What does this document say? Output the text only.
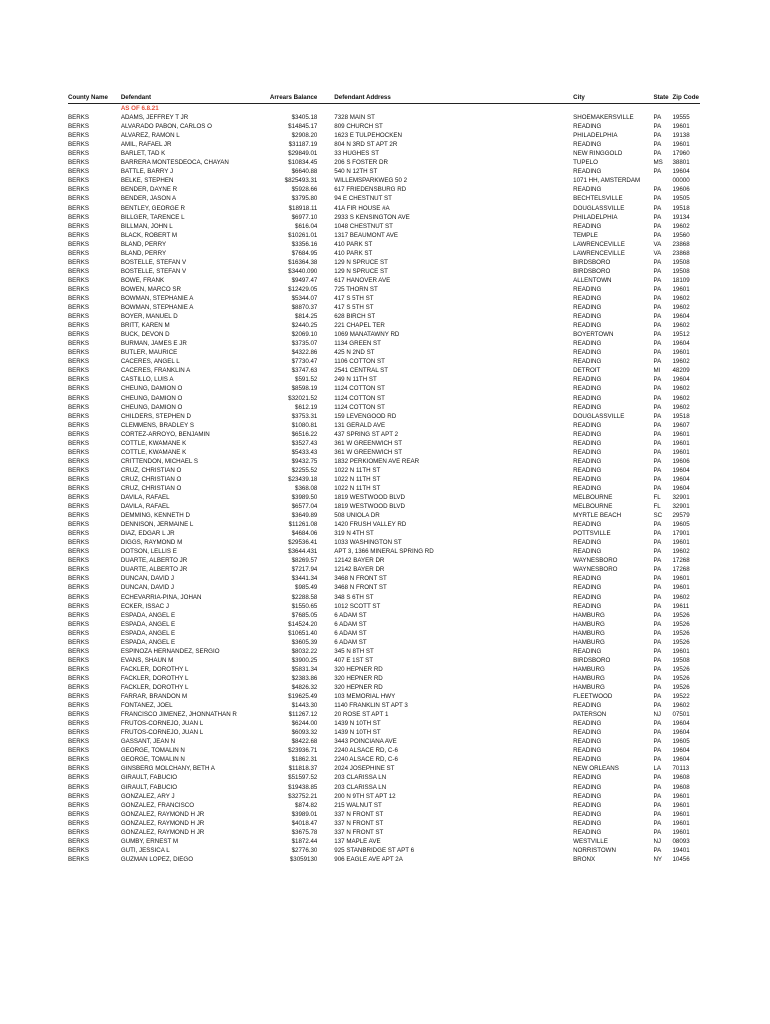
County Name	Defendant	Arrears Balance		Defendant Address	City	State	Zip Code
	AS OF 6.8.21						
BERKS	ADAMS, JEFFREY T JR	$3405.18		7328 MAIN ST	SHOEMAKERSVILLE	PA	19555
BERKS	ALVARADO PABON, CARLOS O	$14845.17		809 CHURCH ST	READING	PA	19601
BERKS	ALVAREZ, RAMON L	$2908.20		1623 E TULPEHOCKEN	PHILADELPHIA	PA	19138
BERKS	AMIL, RAFAEL JR	$31187.19		804 N 3RD ST APT 2R	READING	PA	19601
BERKS	BARLET, TAD K	$29849.01		33 HUGHES ST	NEW RINGGOLD	PA	17960
BERKS	BARRERA MONTESDEOCA, CHAYAN	$10834.45		206 S FOSTER DR	TUPELO	MS	38801
BERKS	BATTLE, BARRY J	$6640.88		540 N 12TH ST	READING	PA	19604
BERKS	BELKE, STEPHEN	$825493.31		WILLEMSPARKWEG 50 2	1071 HH, AMSTERDAM		00000
BERKS	BENDER, DAYNE R	$5928.66		617 FRIEDENSBURG RD	READING	PA	19606
BERKS	BENDER, JASON A	$3795.80		94 E CHESTNUT ST	BECHTELSVILLE	PA	19505
BERKS	BENTLEY, GEORGE R	$18918.11		41A FIR HOUSE #A	DOUGLASSVILLE	PA	19518
BERKS	BILLGER, TARENCE L	$6977.10		2933 S KENSINGTON AVE	PHILADELPHIA	PA	19134
BERKS	BILLMAN, JOHN L	$616.04		1048 CHESTNUT ST	READING	PA	19602
BERKS	BLACK, ROBERT M	$10261.01		1317 BEAUMONT AVE	TEMPLE	PA	19560
BERKS	BLAND, PERRY	$3356.16		410 PARK ST	LAWRENCEVILLE	VA	23868
BERKS	BLAND, PERRY	$7684.95		410 PARK ST	LAWRENCEVILLE	VA	23868
BERKS	BOSTELLE, STEFAN V	$16364.38		129 N SPRUCE ST	BIRDSBORO	PA	19508
BERKS	BOSTELLE, STEFAN V	$3440.090		129 N SPRUCE ST	BIRDSBORO	PA	19508
BERKS	BOWE, FRANK	$9497.47		617 HANOVER AVE	ALLENTOWN	PA	18109
BERKS	BOWEN, MARCO SR	$12429.05		725 THORN ST	READING	PA	19601
BERKS	BOWMAN, STEPHANIE A	$5344.07		417 S 5TH ST	READING	PA	19602
BERKS	BOWMAN, STEPHANIE A	$8870.37		417 S 5TH ST	READING	PA	19602
BERKS	BOYER, MANUEL D	$814.25		628 BIRCH ST	READING	PA	19604
BERKS	BRITT, KAREN M	$2440.25		221 CHAPEL TER	READING	PA	19602
BERKS	BUCK, DEVON D	$2069.10		1069 MANATAWNY RD	BOYERTOWN	PA	19512
BERKS	BURMAN, JAMES E JR	$3735.07		1134 GREEN ST	READING	PA	19604
BERKS	BUTLER, MAURICE	$4322.86		425 N 2ND ST	READING	PA	19601
BERKS	CACERES, ANGEL L	$7730.47		1106 COTTON ST	READING	PA	19602
BERKS	CACERES, FRANKLIN A	$3747.63		2541 CENTRAL ST	DETROIT	MI	48209
BERKS	CASTILLO, LUIS A	$591.52		249 N 11TH ST	READING	PA	19604
BERKS	CHEUNG, DAMION O	$8598.19		1124 COTTON ST	READING	PA	19602
BERKS	CHEUNG, DAMION O	$32021.52		1124 COTTON ST	READING	PA	19602
BERKS	CHEUNG, DAMION O	$612.19		1124 COTTON ST	READING	PA	19602
BERKS	CHILDERS, STEPHEN D	$3753.31		159 LEVENGOOD RD	DOUGLASSVILLE	PA	19518
BERKS	CLEMMENS, BRADLEY S	$1080.81		131 GERALD AVE	READING	PA	19607
BERKS	CORTEZ-ARROYO, BENJAMIN	$6516.22		437 SPRING ST APT 2	READING	PA	19601
BERKS	COTTLE, KWAMANE K	$3527.43		361 W GREENWICH ST	READING	PA	19601
BERKS	COTTLE, KWAMANE K	$5433.43		361 W GREENWICH ST	READING	PA	19601
BERKS	CRITTENDON, MICHAEL S	$9432.75		1832 PERKIOMEN AVE REAR	READING	PA	19606
BERKS	CRUZ, CHRISTIAN O	$2255.52		1022 N 11TH ST	READING	PA	19604
BERKS	CRUZ, CHRISTIAN O	$23439.18		1022 N 11TH ST	READING	PA	19604
BERKS	CRUZ, CHRISTIAN O	$368.08		1022 N 11TH ST	READING	PA	19604
BERKS	DAVILA, RAFAEL	$3989.50		1819 WESTWOOD BLVD	MELBOURNE	FL	32901
BERKS	DAVILA, RAFAEL	$6577.04		1819 WESTWOOD BLVD	MELBOURNE	FL	32901
BERKS	DEMMING, KENNETH D	$3649.89		508 UNIOLA DR	MYRTLE BEACH	SC	29579
BERKS	DENNISON, JERMAINE L	$11261.08		1420 FRUSH VALLEY RD	READING	PA	19605
BERKS	DIAZ, EDGAR L JR	$4684.06		319 N 4TH ST	POTTSVILLE	PA	17901
BERKS	DIGGS, RAYMOND M	$29536.41		1033 WASHINGTON ST	READING	PA	19601
BERKS	DOTSON, LELLIS E	$3644.431		APT 3, 1366 MINERAL SPRING RD	READING	PA	19602
BERKS	DUARTE, ALBERTO JR	$8269.57		12142 BAYER DR	WAYNESBORO	PA	17268
BERKS	DUARTE, ALBERTO JR	$7217.94		12142 BAYER DR	WAYNESBORO	PA	17268
BERKS	DUNCAN, DAVID J	$3441.34		3468 N FRONT ST	READING	PA	19601
BERKS	DUNCAN, DAVID J	$985.49		3468 N FRONT ST	READING	PA	19601
BERKS	ECHEVARRIA-PINA, JOHAN	$2288.58		348 S 6TH ST	READING	PA	19602
BERKS	ECKER, ISSAC J	$1550.65		1012 SCOTT ST	READING	PA	19611
BERKS	ESPADA, ANGEL E	$7685.05		6 ADAM ST	HAMBURG	PA	19526
BERKS	ESPADA, ANGEL E	$14524.20		6 ADAM ST	HAMBURG	PA	19526
BERKS	ESPADA, ANGEL E	$10651.40		6 ADAM ST	HAMBURG	PA	19526
BERKS	ESPADA, ANGEL E	$3605.39		6 ADAM ST	HAMBURG	PA	19526
BERKS	ESPINOZA HERNANDEZ, SERGIO	$8032.22		345 N 8TH ST	READING	PA	19601
BERKS	EVANS, SHAUN M	$3900.25		407 E 1ST ST	BIRDSBORO	PA	19508
BERKS	FACKLER, DOROTHY L	$5831.34		320 HEPNER RD	HAMBURG	PA	19526
BERKS	FACKLER, DOROTHY L	$2383.86		320 HEPNER RD	HAMBURG	PA	19526
BERKS	FACKLER, DOROTHY L	$4826.32		320 HEPNER RD	HAMBURG	PA	19526
BERKS	FARRAR, BRANDON M	$19625.49		103 MEMORIAL HWY	FLEETWOOD	PA	19522
BERKS	FONTANEZ, JOEL	$1443.30		1140 FRANKLIN ST APT 3	READING	PA	19602
BERKS	FRANCISCO JIMENEZ, JHONNATHAN R	$11267.12		20 ROSE ST APT 1	PATERSON	NJ	07501
BERKS	FRUTOS-CORNEJO, JUAN L	$6244.00		1439 N 10TH ST	READING	PA	19604
BERKS	FRUTOS-CORNEJO, JUAN L	$6093.32		1439 N 10TH ST	READING	PA	19604
BERKS	GASSANT, JEAN N	$8422.68		3443 POINCIANA AVE	READING	PA	19605
BERKS	GEORGE, TOMALIN N	$23936.71		2240 ALSACE RD, C-6	READING	PA	19604
BERKS	GEORGE, TOMALIN N	$1862.31		2240 ALSACE RD, C-6	READING	PA	19604
BERKS	GINSBERG MOLCHANY, BETH A	$11818.37		2024 JOSEPHINE ST	NEW ORLEANS	LA	70113
BERKS	GIRAULT, FABUCIO	$51597.52		203 CLARISSA LN	READING	PA	19608
BERKS	GIRAULT, FABUCIO	$19438.85		203 CLARISSA LN	READING	PA	19608
BERKS	GONZALEZ, ARY J	$32752.21		200 N 9TH ST APT 12	READING	PA	19601
BERKS	GONZALEZ, FRANCISCO	$874.82		215 WALNUT ST	READING	PA	19601
BERKS	GONZALEZ, RAYMOND H JR	$3989.01		337 N FRONT ST	READING	PA	19601
BERKS	GONZALEZ, RAYMOND H JR	$4018.47		337 N FRONT ST	READING	PA	19601
BERKS	GONZALEZ, RAYMOND H JR	$3675.78		337 N FRONT ST	READING	PA	19601
BERKS	GUMBY, ERNEST M	$1872.44		137 MAPLE AVE	WESTVILLE	NJ	08093
BERKS	GUTI, JESSICA L	$2776.30		925 STANBRIDGE ST APT 6	NORRISTOWN	PA	19401
BERKS	GUZMAN LOPEZ, DIEGO	$3059130		906 EAGLE AVE APT 2A	BRONX	NY	10456
